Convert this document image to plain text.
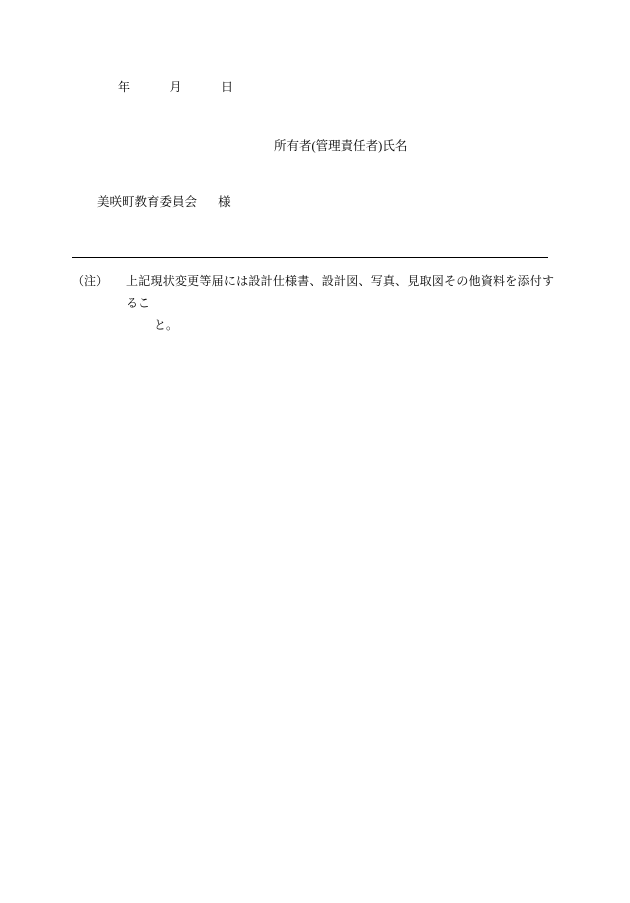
年	月	日
所有者(管理責任者)氏名
美咲町教育委員会 様
（注）	上記現状変更等届には設計仕様書、設計図、写真、見取図その他資料を添付するこ
と。
